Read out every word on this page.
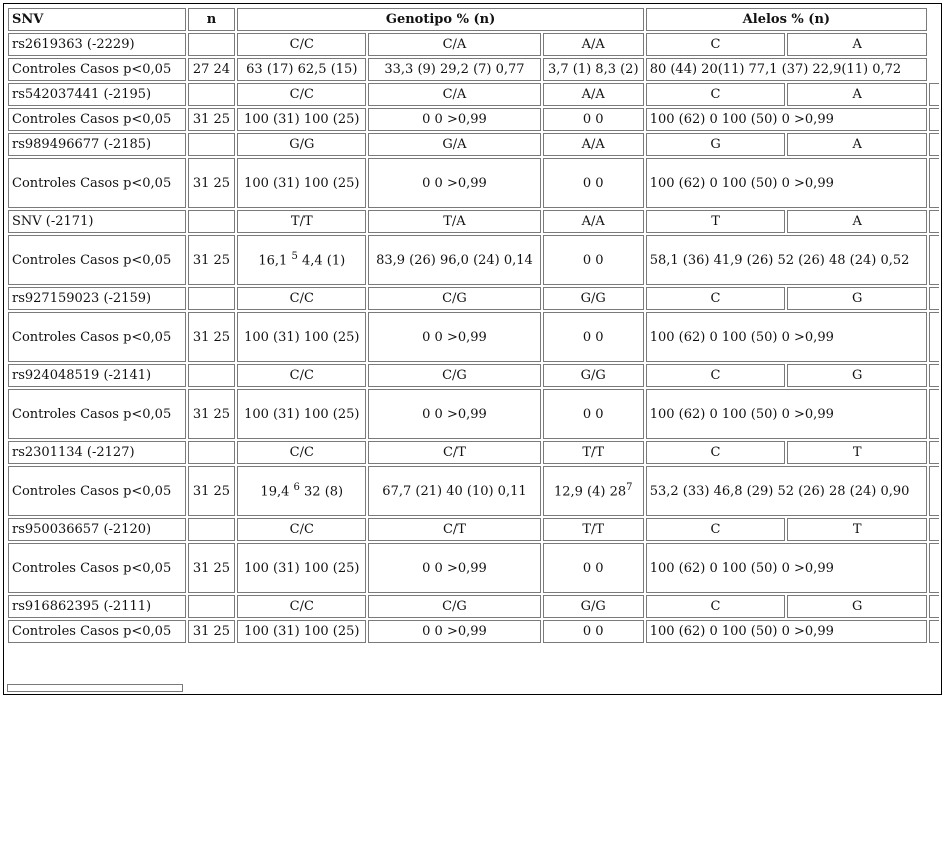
SNV	n	Genotipo % (n)			Alelos % (n)		
rs2619363 (-2229)		C/C	C/A	A/A	C	A	
Controles Casos p<0,05	27 24	63 (17) 62,5 (15)	33,3 (9) 29,2 (7) 0,77	3,7 (1) 8,3 (2)	80 (44) 20(11) 77,1 (37) 22,9(11) 0,72		
rs542037441 (-2195)		C/C	C/A	A/A	C	A	
Controles Casos p<0,05	31 25	100 (31) 100 (25)	0 0 >0,99	0 0	100 (62) 0 100 (50) 0 >0,99		
rs989496677 (-2185)		G/G	G/A	A/A	G	A	
Controles Casos p<0,05	31 25	100 (31) 100 (25)	0 0 >0,99	0 0	100 (62) 0 100 (50) 0 >0,99		
SNV (-2171)		T/T	T/A	A/A	T	A	
Controles Casos p<0,05	31 25	16,1 $^5$ 4,4 (1)	83,9 (26) 96,0 (24) 0,14	0 0	58,1 (36) 41,9 (26) 52 (26) 48 (24) 0,52		
rs927159023 (-2159)		C/C	C/G	G/G	C	G	
Controles Casos p<0,05	31 25	100 (31) 100 (25)	0 0 >0,99	0 0	100 (62) 0 100 (50) 0 >0,99		
rs924048519 (-2141)		C/C	C/G	G/G	C	G	
Controles Casos p<0,05	31 25	100 (31) 100 (25)	0 0 >0,99	0 0	100 (62) 0 100 (50) 0 >0,99		
rs2301134 (-2127)		C/C	C/T	T/T	C	T	
Controles Casos p<0,05	31 25	19,4 $^6$ 32 (8)	67,7 (21) 40 (10) 0,11	12,9 (4) $28^7$	53,2 (33) 46,8 (29) 52 (26) 28 (24) 0,90		
rs950036657 (-2120)		C/C	C/T	T/T	C	T	
Controles Casos p<0,05	31 25	100 (31) 100 (25)	0 0 >0,99	0 0	100 (62) 0 100 (50) 0 >0,99		
rs916862395 (-2111)		C/C	C/G	G/G	C	G	
Controles Casos p<0,05	31 25	100 (31) 100 (25)	0 0 >0,99	0 0	100 (62) 0 100 (50) 0 >0,99		
